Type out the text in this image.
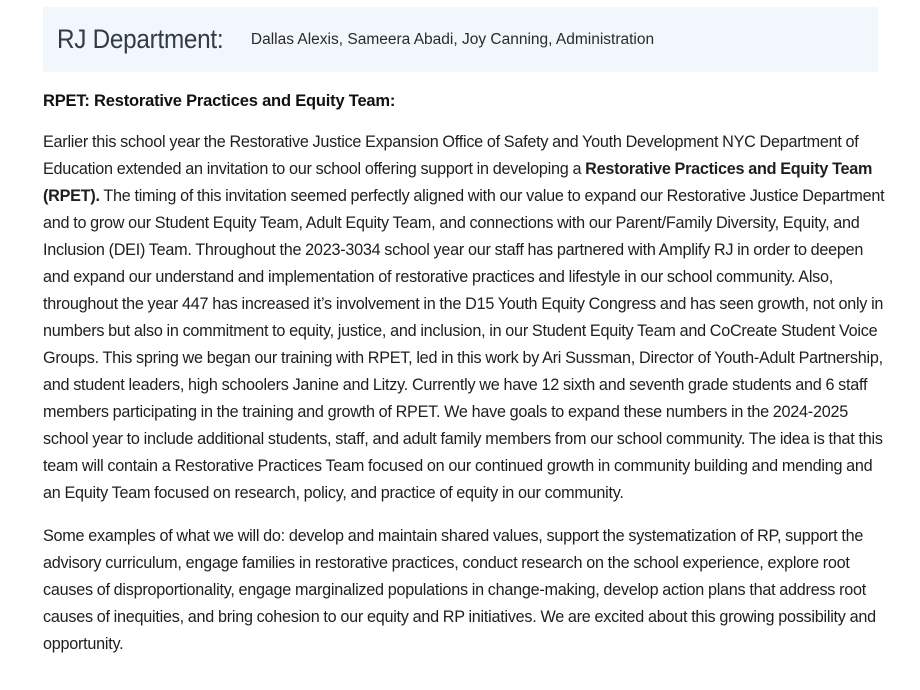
RJ Department: Dallas Alexis, Sameera Abadi, Joy Canning, Administration
RPET: Restorative Practices and Equity Team:

Earlier this school year the Restorative Justice Expansion Office of Safety and Youth Development NYC Department of Education extended an invitation to our school offering support in developing a Restorative Practices and Equity Team (RPET). The timing of this invitation seemed perfectly aligned with our value to expand our Restorative Justice Department and to grow our Student Equity Team, Adult Equity Team, and connections with our Parent/Family Diversity, Equity, and Inclusion (DEI) Team. Throughout the 2023-3034 school year our staff has partnered with Amplify RJ in order to deepen and expand our understand and implementation of restorative practices and lifestyle in our school community. Also, throughout the year 447 has increased it’s involvement in the D15 Youth Equity Congress and has seen growth, not only in numbers but also in commitment to equity, justice, and inclusion, in our Student Equity Team and CoCreate Student Voice Groups. This spring we began our training with RPET, led in this work by Ari Sussman, Director of Youth-Adult Partnership, and student leaders, high schoolers Janine and Litzy. Currently we have 12 sixth and seventh grade students and 6 staff members participating in the training and growth of RPET. We have goals to expand these numbers in the 2024-2025 school year to include additional students, staff, and adult family members from our school community. The idea is that this team will contain a Restorative Practices Team focused on our continued growth in community building and mending and an Equity Team focused on research, policy, and practice of equity in our community.

Some examples of what we will do: develop and maintain shared values, support the systematization of RP, support the advisory curriculum, engage families in restorative practices, conduct research on the school experience, explore root causes of disproportionality, engage marginalized populations in change-making, develop action plans that address root causes of inequities, and bring cohesion to our equity and RP initiatives. We are excited about this growing possibility and opportunity.
